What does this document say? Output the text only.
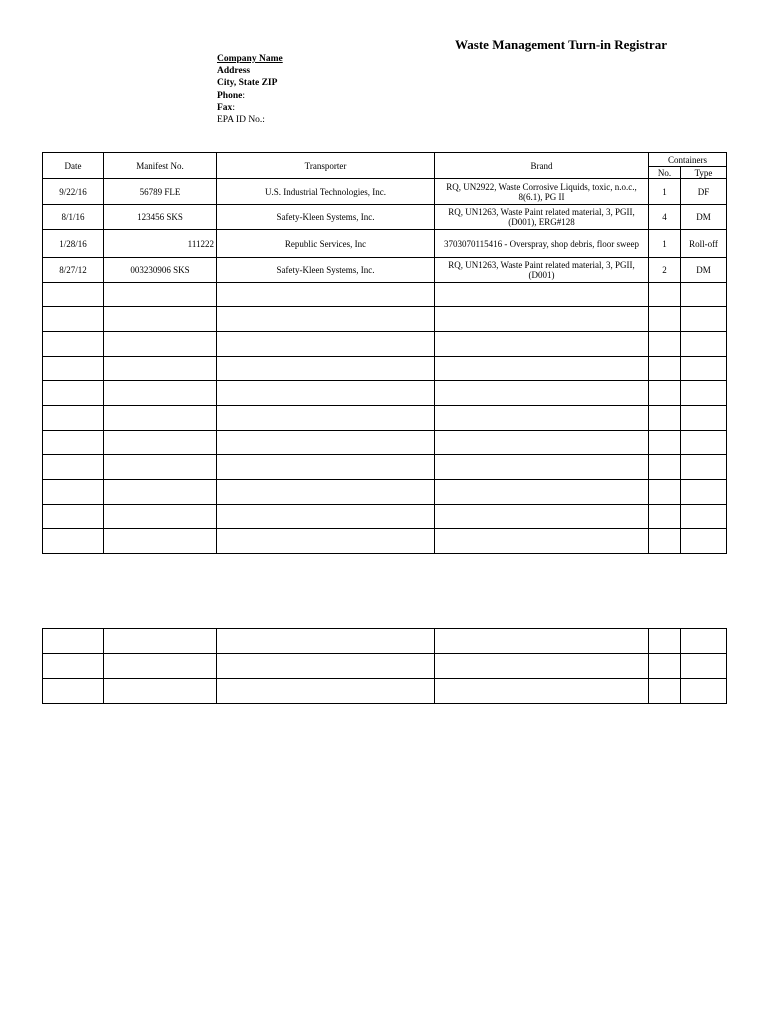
Waste Management Turn-in Registrar
Company Name
Address
City, State ZIP
Phone:
Fax:
EPA ID No.:
Date	Manifest No.	Transporter	Brand	Containers	
				No.	Type
9/22/16	56789 FLE	U.S. Industrial Technologies, Inc.	RQ, UN2922, Waste Corrosive Liquids, toxic, n.o.c., 8(6.1), PG II	1	DF
8/1/16	123456 SKS	Safety-Kleen Systems, Inc.	RQ, UN1263, Waste Paint related material, 3, PGII, (D001), ERG#128	4	DM
1/28/16	111222	Republic Services, Inc	3703070115416 - Overspray, shop debris, floor sweep	1	Roll-off
8/27/12	003230906 SKS	Safety-Kleen Systems, Inc.	RQ, UN1263, Waste Paint related material, 3, PGII, (D001)	2	DM
